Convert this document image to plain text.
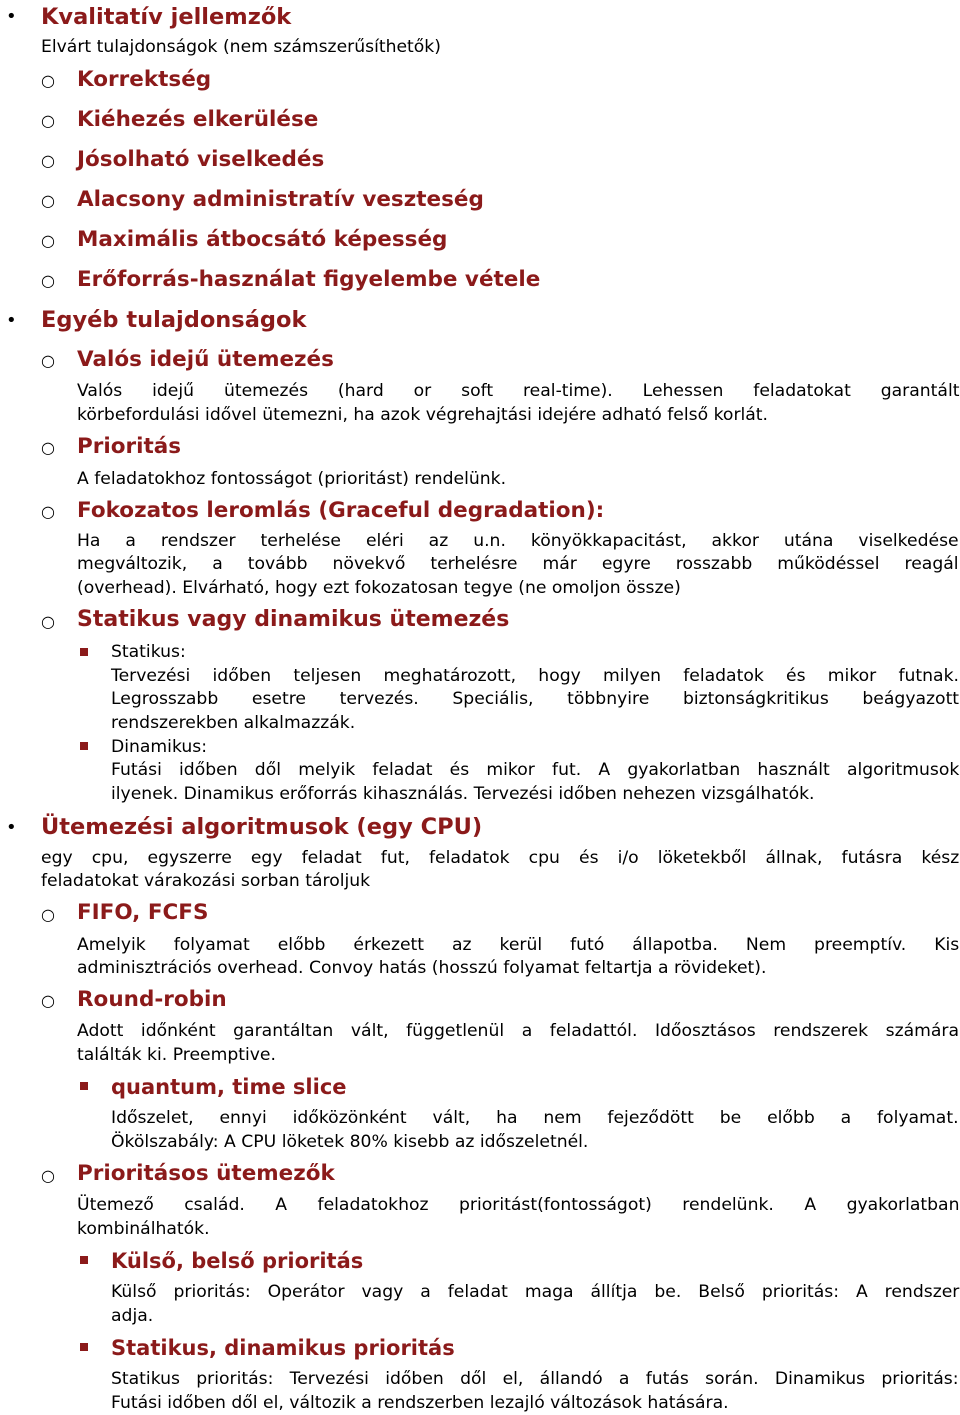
• Kvalitatív jellemzők
Elvárt tulajdonságok (nem számszerűsíthetők)
○ Korrektség
○ Kiéhezés elkerülése
○ Jósolható viselkedés
○ Alacsony administratív veszteség
○ Maximális átbocsátó képesség
○ Erőforrás-használat figyelembe vétele
• Egyéb tulajdonságok
○ Valós idejű ütemezés
Valós idejű ütemezés (hard or soft real-time). Lehessen feladatokat garantált
körbefordulási idővel ütemezni, ha azok végrehajtási idejére adható felső korlát.
○ Prioritás
A feladatokhoz fontosságot (prioritást) rendelünk.
○ Fokozatos leromlás (Graceful degradation):
Ha a rendszer terhelése eléri az u.n. könyökkapacitást, akkor utána viselkedése
megváltozik, a tovább növekvő terhelésre már egyre rosszabb működéssel reagál
(overhead). Elvárható, hogy ezt fokozatosan tegye (ne omoljon össze)
○ Statikus vagy dinamikus ütemezés
Statikus:
Tervezési időben teljesen meghatározott, hogy milyen feladatok és mikor futnak.
Legrosszabb esetre tervezés. Speciális, többnyire biztonságkritikus beágyazott
rendszerekben alkalmazzák.
Dinamikus:
Futási időben dől melyik feladat és mikor fut. A gyakorlatban használt algoritmusok
ilyenek. Dinamikus erőforrás kihasználás. Tervezési időben nehezen vizsgálhatók.
• Ütemezési algoritmusok (egy CPU)
egy cpu, egyszerre egy feladat fut, feladatok cpu és i/o löketekből állnak, futásra kész
feladatokat várakozási sorban tároljuk
○ FIFO, FCFS
Amelyik folyamat előbb érkezett az kerül futó állapotba. Nem preemptív. Kis
adminisztrációs overhead. Convoy hatás (hosszú folyamat feltartja a rövideket).
○ Round-robin
Adott időnként garantáltan vált, függetlenül a feladattól. Időosztásos rendszerek számára
találták ki. Preemptive.
quantum, time slice
Időszelet, ennyi időközönként vált, ha nem fejeződött be előbb a folyamat.
Ökölszabály: A CPU löketek 80% kisebb az időszeletnél.
○ Prioritásos ütemezők
Ütemező család. A feladatokhoz prioritást(fontosságot) rendelünk. A gyakorlatban
kombinálhatók.
Külső, belső prioritás
Külső prioritás: Operátor vagy a feladat maga állítja be. Belső prioritás: A rendszer
adja.
Statikus, dinamikus prioritás
Statikus prioritás: Tervezési időben dől el, állandó a futás során. Dinamikus prioritás:
Futási időben dől el, változik a rendszerben lezajló változások hatására.
